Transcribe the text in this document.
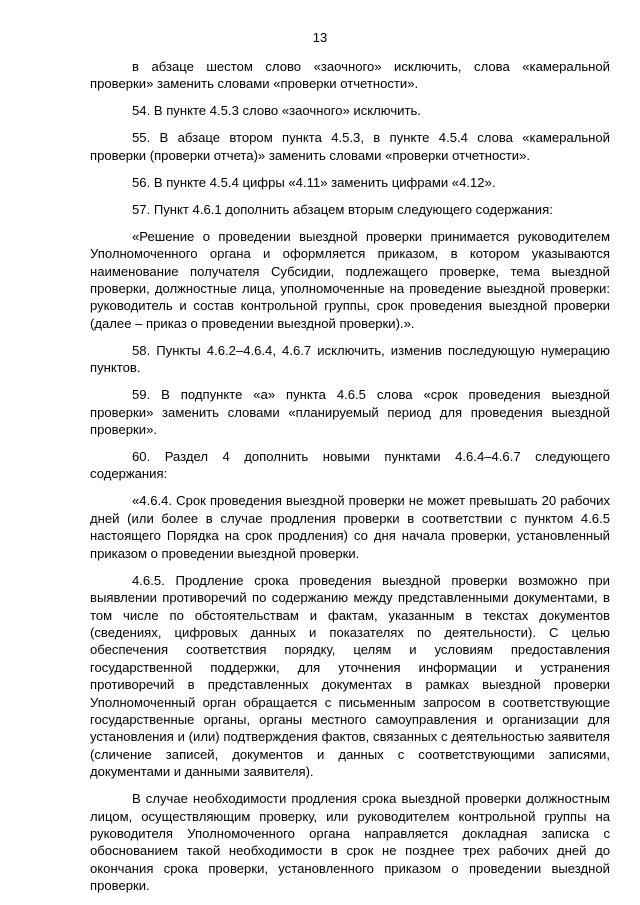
13

в абзаце шестом слово «заочного» исключить, слова «камеральной проверки» заменить словами «проверки отчетности».

54. В пункте 4.5.3 слово «заочного» исключить.

55. В абзаце втором пункта 4.5.3, в пункте 4.5.4 слова «камеральной проверки (проверки отчета)» заменить словами «проверки отчетности».

56. В пункте 4.5.4 цифры «4.11» заменить цифрами «4.12».

57. Пункт 4.6.1 дополнить абзацем вторым следующего содержания:

«Решение о проведении выездной проверки принимается руководителем Уполномоченного органа и оформляется приказом, в котором указываются наименование получателя Субсидии, подлежащего проверке, тема выездной проверки, должностные лица, уполномоченные на проведение выездной проверки: руководитель и состав контрольной группы, срок проведения выездной проверки (далее – приказ о проведении выездной проверки).».

58. Пункты 4.6.2–4.6.4, 4.6.7 исключить, изменив последующую нумерацию пунктов.

59. В подпункте «а» пункта 4.6.5 слова «срок проведения выездной проверки» заменить словами «планируемый период для проведения выездной проверки».

60. Раздел 4 дополнить новыми пунктами 4.6.4–4.6.7 следующего содержания:

«4.6.4. Срок проведения выездной проверки не может превышать 20 рабочих дней (или более в случае продления проверки в соответствии с пунктом 4.6.5 настоящего Порядка на срок продления) со дня начала проверки, установленный приказом о проведении выездной проверки.

4.6.5. Продление срока проведения выездной проверки возможно при выявлении противоречий по содержанию между представленными документами, в том числе по обстоятельствам и фактам, указанным в текстах документов (сведениях, цифровых данных и показателях по деятельности). С целью обеспечения соответствия порядку, целям и условиям предоставления государственной поддержки, для уточнения информации и устранения противоречий в представленных документах в рамках выездной проверки Уполномоченный орган обращается с письменным запросом в соответствующие государственные органы, органы местного самоуправления и организации для установления и (или) подтверждения фактов, связанных с деятельностью заявителя (сличение записей, документов и данных с соответствующими записями, документами и данными заявителя).

В случае необходимости продления срока выездной проверки должностным лицом, осуществляющим проверку, или руководителем контрольной группы на руководителя Уполномоченного органа направляется докладная записка с обоснованием такой необходимости в срок не позднее трех рабочих дней до окончания срока проверки, установленного приказом о проведении выездной проверки.
